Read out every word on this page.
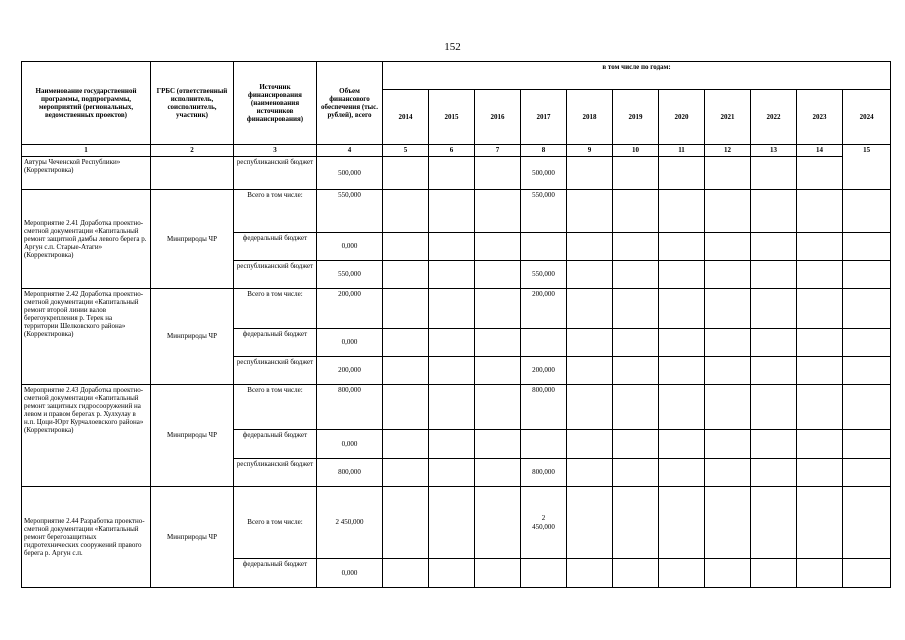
152
Наименование государственной программы, подпрограммы, мероприятий (региональных, ведомственных проектов)	ГРБС (ответственный исполнитель, соисполнитель, участник)	Источник финансирования (наименования источников финансирования)	Объем финансового обеспечения (тыс. рублей), всего	в том числе по годам:										
				2014	2015	2016	2017	2018	2019	2020	2021	2022	2023	2024
1	2	3	4	5	6	7	8	9	10	11	12	13	14	15
Автуры Чеченской Республики» (Корректировка)		республиканский бюджет	500,000				500,000							
Мероприятие 2.41 Доработка проектно-сметной документации «Капитальный ремонт защитной дамбы левого берега р. Аргун с.п. Старые-Атаги» (Корректировка)	Минприроды ЧР	Всего в том числе:	550,000				550,000							
		федеральный бюджет	0,000											
		республиканский бюджет	550,000				550,000							
Мероприятие 2.42 Доработка проектно-сметной документации «Капитальный ремонт второй линии валов берегоукрепления р. Терек на территории Шелковского района» (Корректировка)	Минприроды ЧР	Всего в том числе:	200,000				200,000							
		федеральный бюджет	0,000											
		республиканский бюджет	200,000				200,000							
Мероприятие 2.43 Доработка проектно-сметной документации «Капитальный ремонт защитных гидросооружений на левом и правом берегах р. Хулхулау в н.п. Цоци-Юрт Курчалоевского района» (Корректировка)	Минприроды ЧР	Всего в том числе:	800,000				800,000							
		федеральный бюджет	0,000											
		республиканский бюджет	800,000				800,000							
Мероприятие 2.44 Разработка проектно-сметной документации «Капитальный ремонт берегозащитных гидротехнических сооружений правого берега р. Аргун с.п.	Минприроды ЧР	Всего в том числе:	2 450,000				2 450,000							
		федеральный бюджет	0,000											
